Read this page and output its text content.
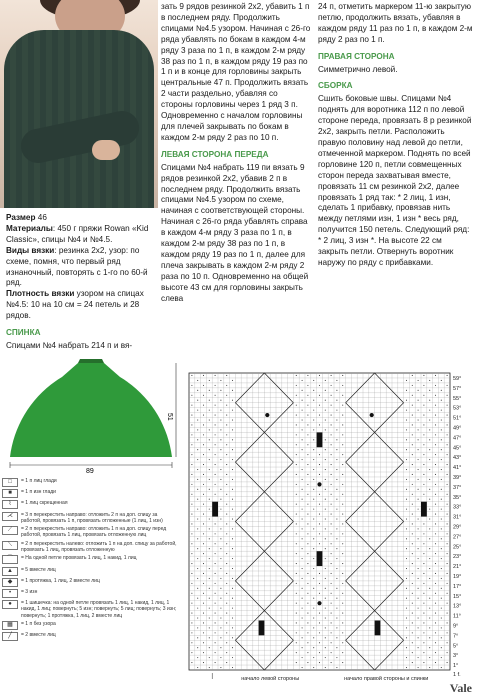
Размер 46

Материалы: 450 г пряжи Rowan «Kid Classic», спицы №4 и №4.5.

Виды вязки: резинка 2х2, узор: по схеме, помня, что первый ряд изнаночный, повторять с 1-го по 60-й ряд.

Плотность вязки узором на спицах №4.5: 10 на 10 см = 24 петель и 28 рядов.

СПИНКА

Спицами №4 набрать 214 п и вя-

зать 9 рядов резинкой 2х2, убавить 1 п в последнем ряду. Продолжить спицами №4.5 узором. Начиная с 26-го ряда убавлять по бокам в каждом 4-м ряду 3 раза по 1 п, в каждом 2-м ряду 38 раз по 1 п, в каждом ряду 19 раз по 1 п и в конце для горловины закрыть центральные 47 п. Продолжить вязать 2 части раздельно, убавляя со стороны горловины через 1 ряд 3 п. Одновременно с началом горловины для плечей закрывать по бокам в каждом 2-м ряду 2 раз по 10 п.

ЛЕВАЯ СТОРОНА ПЕРЕДА

Спицами №4 набрать 119 пи вязать 9 рядов резинкой 2х2, убавив 2 п в последнем ряду. Продолжить вязать спицами №4.5 узором по схеме, начиная с соответствующей стороны. Начиная с 26-го ряда убавлять справа в каждом 4-м ряду 3 раза по 1 п, в каждом 2-м ряду 38 раз по 1 п, в каждом ряду 19 раз по 1 п, далее для плеча закрывать в каждом 2-м ряду 2 раза по 10 п. Одновременно на общей высоте 43 см для горловины закрыть слева

24 п, отметить маркером 11-ю закрытую петлю, продолжить вязать, убавляя в каждом ряду 11 раз по 1 п, в каждом 2-м ряду 2 раз по 1 п.

ПРАВАЯ СТОРОНА

Симметрично левой.

СБОРКА

Сшить боковые швы. Спицами №4 поднять для воротника 112 п по левой стороне переда, провязать 8 р резинкой 2х2, закрыть петли. Расположить правую половину над левой до петли, отмеченной маркером. Поднять по всей горловине 120 п, петли совмещенных сторон переда захватывая вместе, провязать 11 см резинкой 2х2, далее провязать 1 ряд так: * 2 лиц, 1 изн, сделать 1 прибавку, провязав нить между петлями изн, 1 изн * весь ряд, получится 150 петель. Следующий ряд: * 2 лиц, 3 изн *. На высоте 22 см закрыть петли. Отвернуть воротник наружу по ряду с прибавками.

89
51
□	= 1 п лиц глади
■	= 1 п изн глади
⌇	= 1 лиц скрещенная
⋌	= 3 п перекрестить направо: отложить 2 п на доп. спицу за работой, провязать 1 п, провязать отложенные (1 лиц, 1 изн)
⟋	= 2 п перекрестить направо: отложить 1 п на доп. спицу перед работой, провязать 1 лиц, провязать отложенную лиц
⟍	= 2 п перекрестить налево: отложить 1 п на доп. спицу за работой, провязать 1 лиц, провязать отложенную
⌒	= На одной петле провязать 1 лиц, 1 накид, 1 лиц
▲	= 5 вместе лиц
◆	= 1 протяжка, 1 лиц, 2 вместе лиц
•	= 3 изн
●	= 1 шишечка: на одной петле провязать 1 лиц, 1 накид, 1 лиц, 1 накид, 1 лиц; повернуть; 5 изн; повернуть; 5 лиц; повернуть; 3 изн; повернуть; 1 протяжка, 1 лиц, 2 вместе лиц
▦	= 1 п без узора
╱	= 2 вместе лиц
59°
57°
55°
53°
51°
49°
47°
45°
43°
41°
39°
37°
35°
33°
31°
29°
27°
25°
23°
21°
19°
17°
15°
13°
11°
9°
7°
5°
3°
1°
1 f.
начало левой стороны	начало правой стороны и спинки
Vale
